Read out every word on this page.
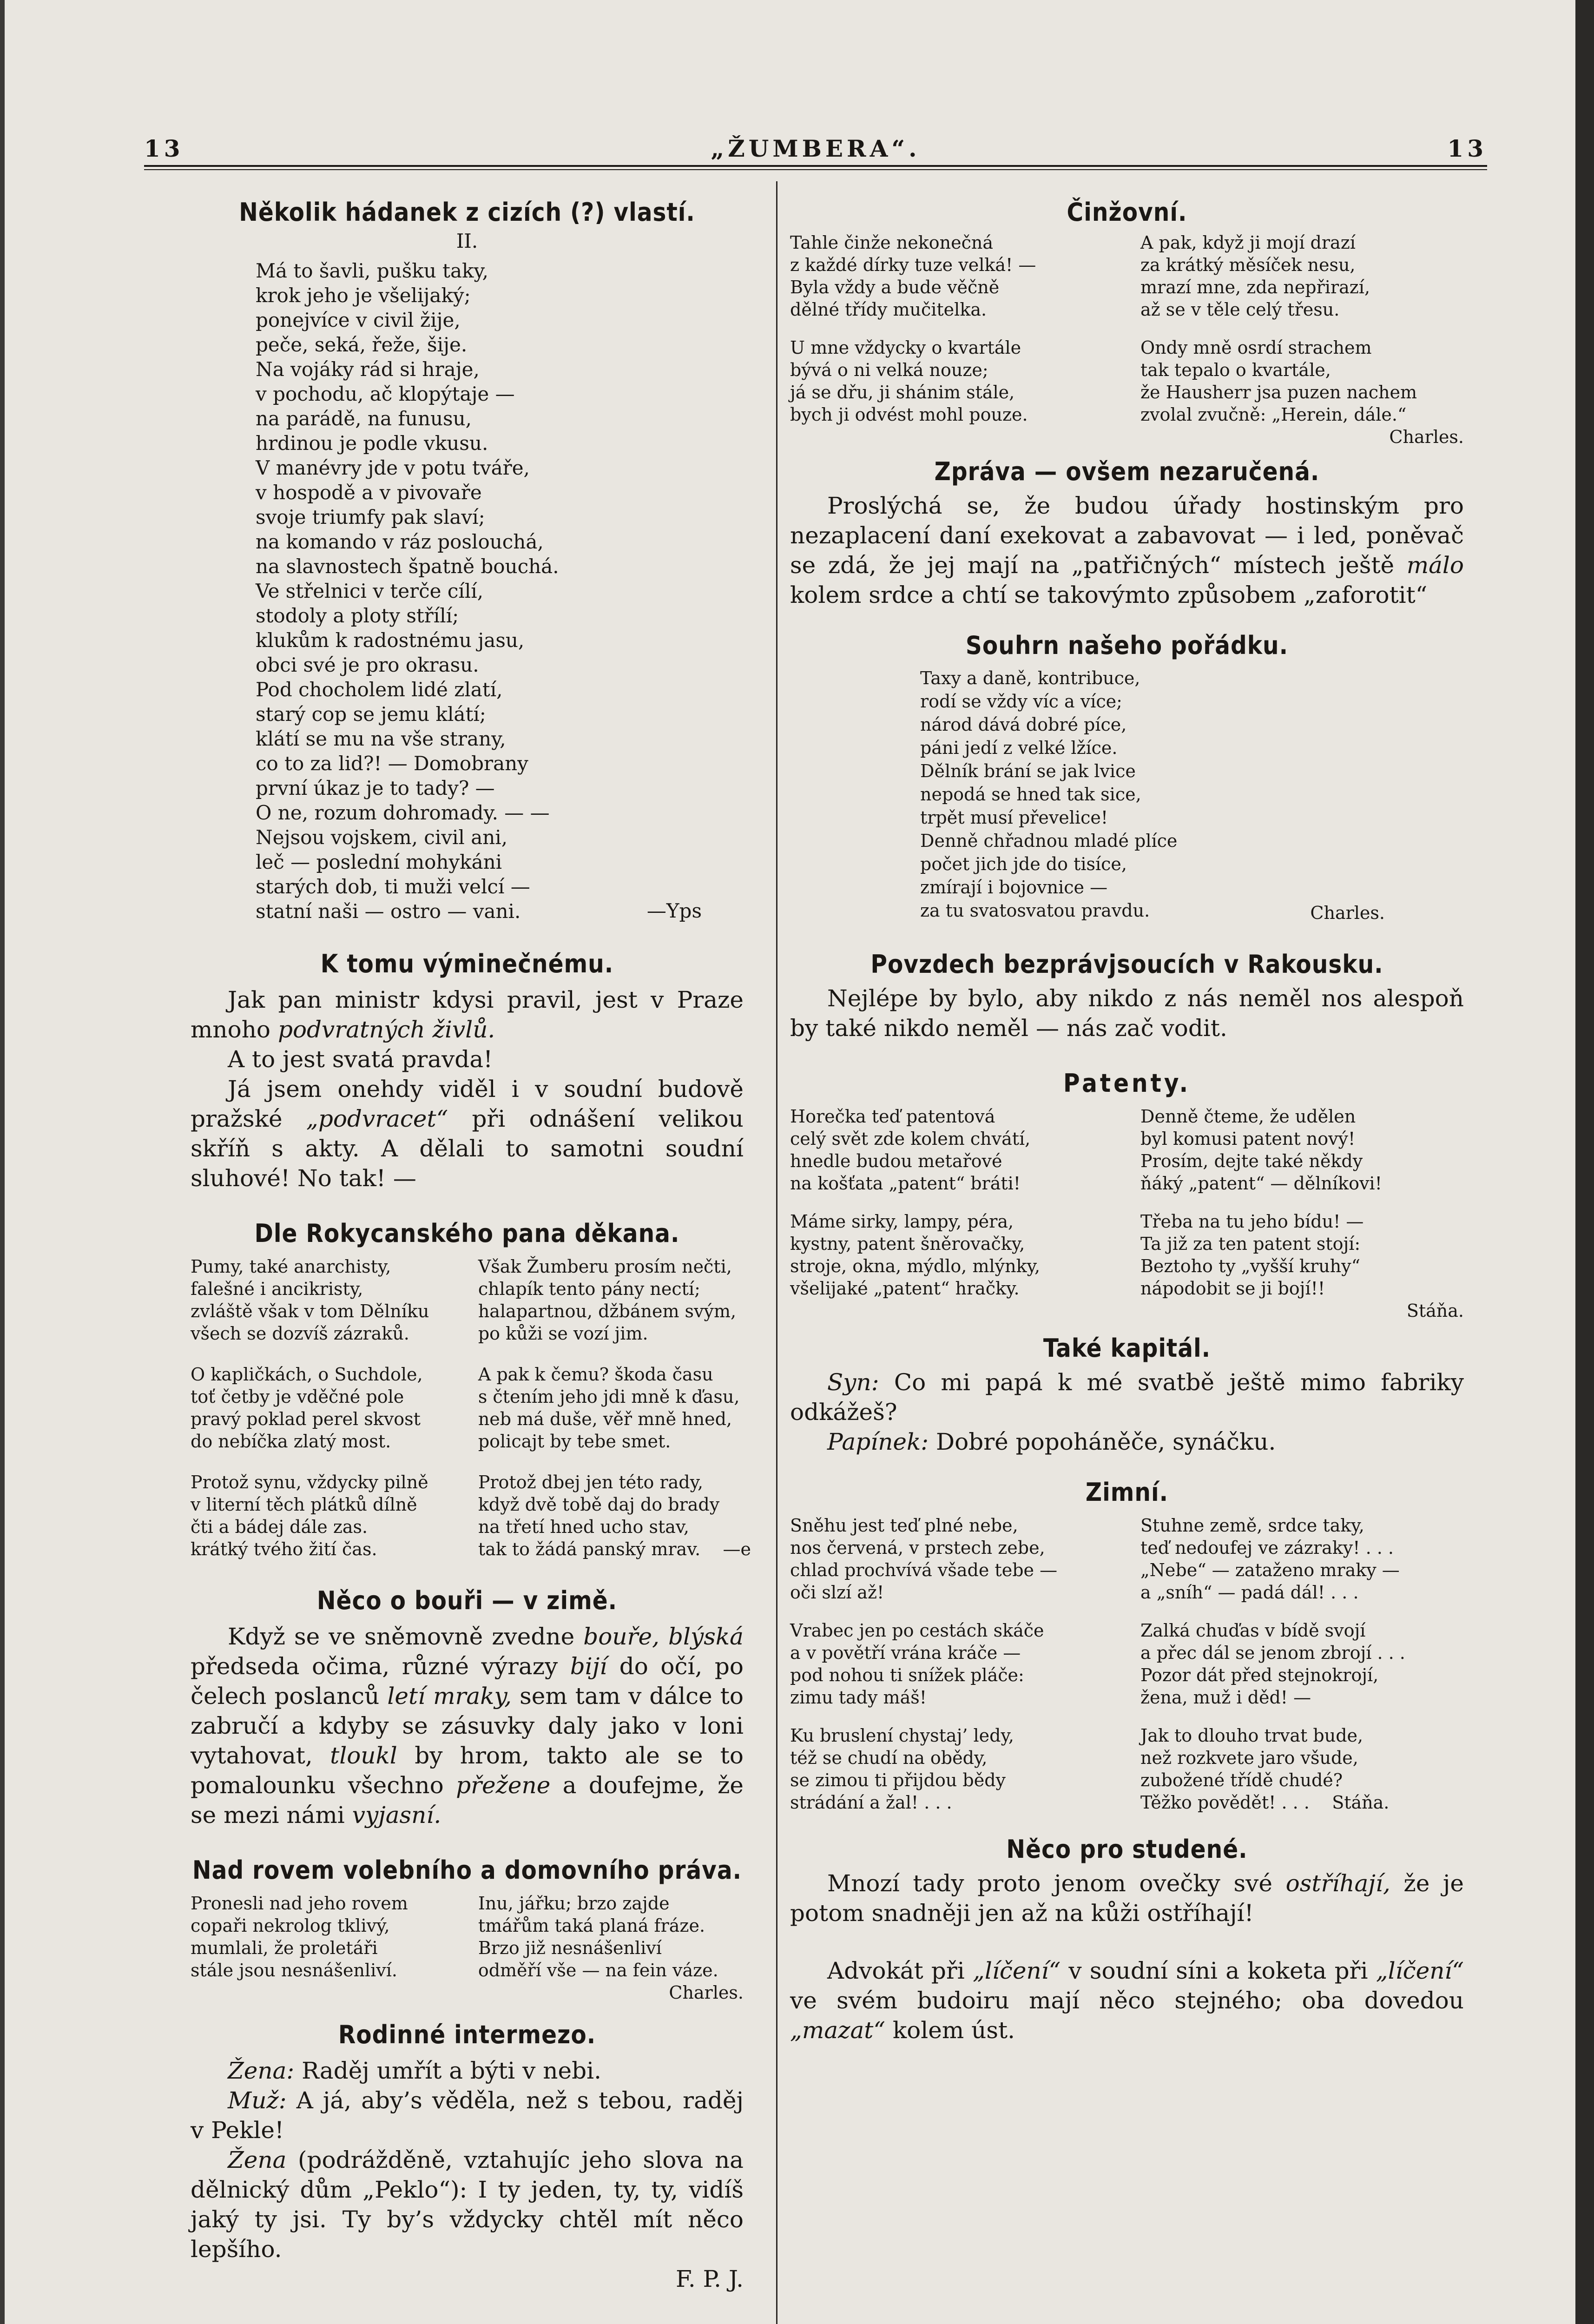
13	„ŽUMBERA“.	13
Několik hádanek z cizích (?) vlastí.
II.
Má to šavli, pušku taky,
krok jeho je všelijaký;
ponejvíce v civil žije,
peče, seká, řeže, šije.
Na vojáky rád si hraje,
v pochodu, ač klopýtaje —
na parádě, na funusu,
hrdinou je podle vkusu.
V manévry jde v potu tváře,
v hospodě a v pivovaře
svoje triumfy pak slaví;
na komando v ráz poslouchá,
na slavnostech špatně bouchá.
Ve střelnici v terče cílí,
stodoly a ploty střílí;
klukům k radostnému jasu,
obci své je pro okrasu.
Pod chocholem lidé zlatí,
starý cop se jemu klátí;
klátí se mu na vše strany,
co to za lid?! — Domobrany
první úkaz je to tady? —
O ne, rozum dohromady. — —
Nejsou vojskem, civil ani,
leč — poslední mohykáni
starých dob, ti muži velcí —
statní naši — ostro — vani.	—Yps
K tomu výminečnému.
Jak pan ministr kdysi pravil, jest v Praze mnoho podvratných živlů.
A to jest svatá pravda!
Já jsem onehdy viděl i v soudní budově pražské „podvracet“ při odnášení velikou skříň s akty. A dělali to samotni soudní sluhové! No tak! —
Dle Rokycanského pana děkana.
Pumy, také anarchisty,
falešné i ancikristy,
zvláště však v tom Dělníku
všech se dozvíš zázraků.
O kapličkách, o Suchdole,
toť četby je vděčné pole
pravý poklad perel skvost
do nebíčka zlatý most.
Protož synu, vždycky pilně
v literní těch plátků dílně
čti a bádej dále zas.
krátký tvého žití čas.
Však Žumberu prosím nečti,
chlapík tento pány nectí;
halapartnou, džbánem svým,
po kůži se vozí jim.
A pak k čemu? škoda času
s čtením jeho jdi mně k ďasu,
neb má duše, věř mně hned,
policajt by tebe smet.
Protož dbej jen této rady,
když dvě tobě daj do brady
na třetí hned ucho stav,
tak to žádá panský mrav.    —e
Něco o bouři — v zimě.
Když se ve sněmovně zvedne bouře, blýská předseda očima, různé výrazy bijí do očí, po čelech poslanců letí mraky, sem tam v dálce to zabručí a kdyby se zásuvky daly jako v loni vytahovat, tloukl by hrom, takto ale se to pomalounku všechno přežene a doufejme, že se mezi námi vyjasní.
Nad rovem volebního a domovního práva.
Pronesli nad jeho rovem
copaři nekrolog tklivý,
mumlali, že proletáři
stále jsou nesnášenliví.
Inu, jářku; brzo zajde
tmářům taká planá fráze.
Brzo již nesnášenliví
odměří vše — na fein váze.
Charles.
Rodinné intermezo.
Žena: Raděj umřít a býti v nebi.
Muž: A já, aby’s věděla, než s tebou, raděj v Pekle!
Žena (podrážděně, vztahujíc jeho slova na dělnický dům „Peklo“): I ty jeden, ty, ty, vidíš jaký ty jsi. Ty by’s vždycky chtěl mít něco lepšího.
F. P. J.
Činžovní.
Tahle činže nekonečná
z každé dírky tuze velká! —
Byla vždy a bude věčně
dělné třídy mučitelka.
U mne vždycky o kvartále
bývá o ni velká nouze;
já se dřu, ji shánim stále,
bych ji odvést mohl pouze.
A pak, když ji mojí drazí
za krátký měsíček nesu,
mrazí mne, zda nepřirazí,
až se v těle celý třesu.
Ondy mně osrdí strachem
tak tepalo o kvartále,
že Hausherr jsa puzen nachem
zvolal zvučně: „Herein, dále.“
Charles.
Zpráva — ovšem nezaručená.
Proslýchá se, že budou úřady hostinským pro nezaplacení daní exekovat a zabavovat — i led, poněvač se zdá, že jej mají na „patřičných“ místech ještě málo kolem srdce a chtí se takovýmto způsobem „zaforotit“
Souhrn našeho pořádku.
Taxy a daně, kontribuce,
rodí se vždy víc a více;
národ dává dobré píce,
páni jedí z velké lžíce.
Dělník brání se jak lvice
nepodá se hned tak sice,
trpět musí převelice!
Denně chřadnou mladé plíce
počet jich jde do tisíce,
zmírají i bojovnice —
za tu svatosvatou pravdu.	Charles.
Povzdech bezprávjsoucích v Rakousku.
Nejlépe by bylo, aby nikdo z nás neměl nos alespoň by také nikdo neměl — nás zač vodit.
Patenty.
Horečka teď patentová
celý svět zde kolem chvátí,
hnedle budou metařové
na košťata „patent“ bráti!
Máme sirky, lampy, péra,
kystny, patent šněrovačky,
stroje, okna, mýdlo, mlýnky,
všelijaké „patent“ hračky.
Denně čteme, že udělen
byl komusi patent nový!
Prosím, dejte také někdy
ňáký „patent“ — dělníkovi!
Třeba na tu jeho bídu! —
Ta již za ten patent stojí:
Beztoho ty „vyšší kruhy“
nápodobit se ji bojí!!
Stáňa.
Také kapitál.
Syn: Co mi papá k mé svatbě ještě mimo fabriky odkážeš?
Papínek: Dobré popoháněče, synáčku.
Zimní.
Sněhu jest teď plné nebe,
nos červená, v prstech zebe,
chlad prochvívá všade tebe —
oči slzí až!
Vrabec jen po cestách skáče
a v povětří vrána kráče —
pod nohou ti snížek pláče:
zimu tady máš!
Ku bruslení chystaj’ ledy,
též se chudí na obědy,
se zimou ti přijdou bědy
strádání a žal! . . .
Stuhne země, srdce taky,
teď nedoufej ve zázraky! . . .
„Nebe“ — zataženo mraky —
a „sníh“ — padá dál! . . .
Zalká chuďas v bídě svojí
a přec dál se jenom zbrojí . . .
Pozor dát před stejnokrojí,
žena, muž i děd! —
Jak to dlouho trvat bude,
než rozkvete jaro všude,
zubožené třídě chudé?
Těžko povědět! . . .    Stáňa.
Něco pro studené.
Mnozí tady proto jenom ovečky své ostříhají, že je potom snadněji jen až na kůži ostříhají!
Advokát při „líčení“ v soudní síni a koketa při „líčení“ ve svém budoiru mají něco stejného; oba dovedou „mazat“ kolem úst.
